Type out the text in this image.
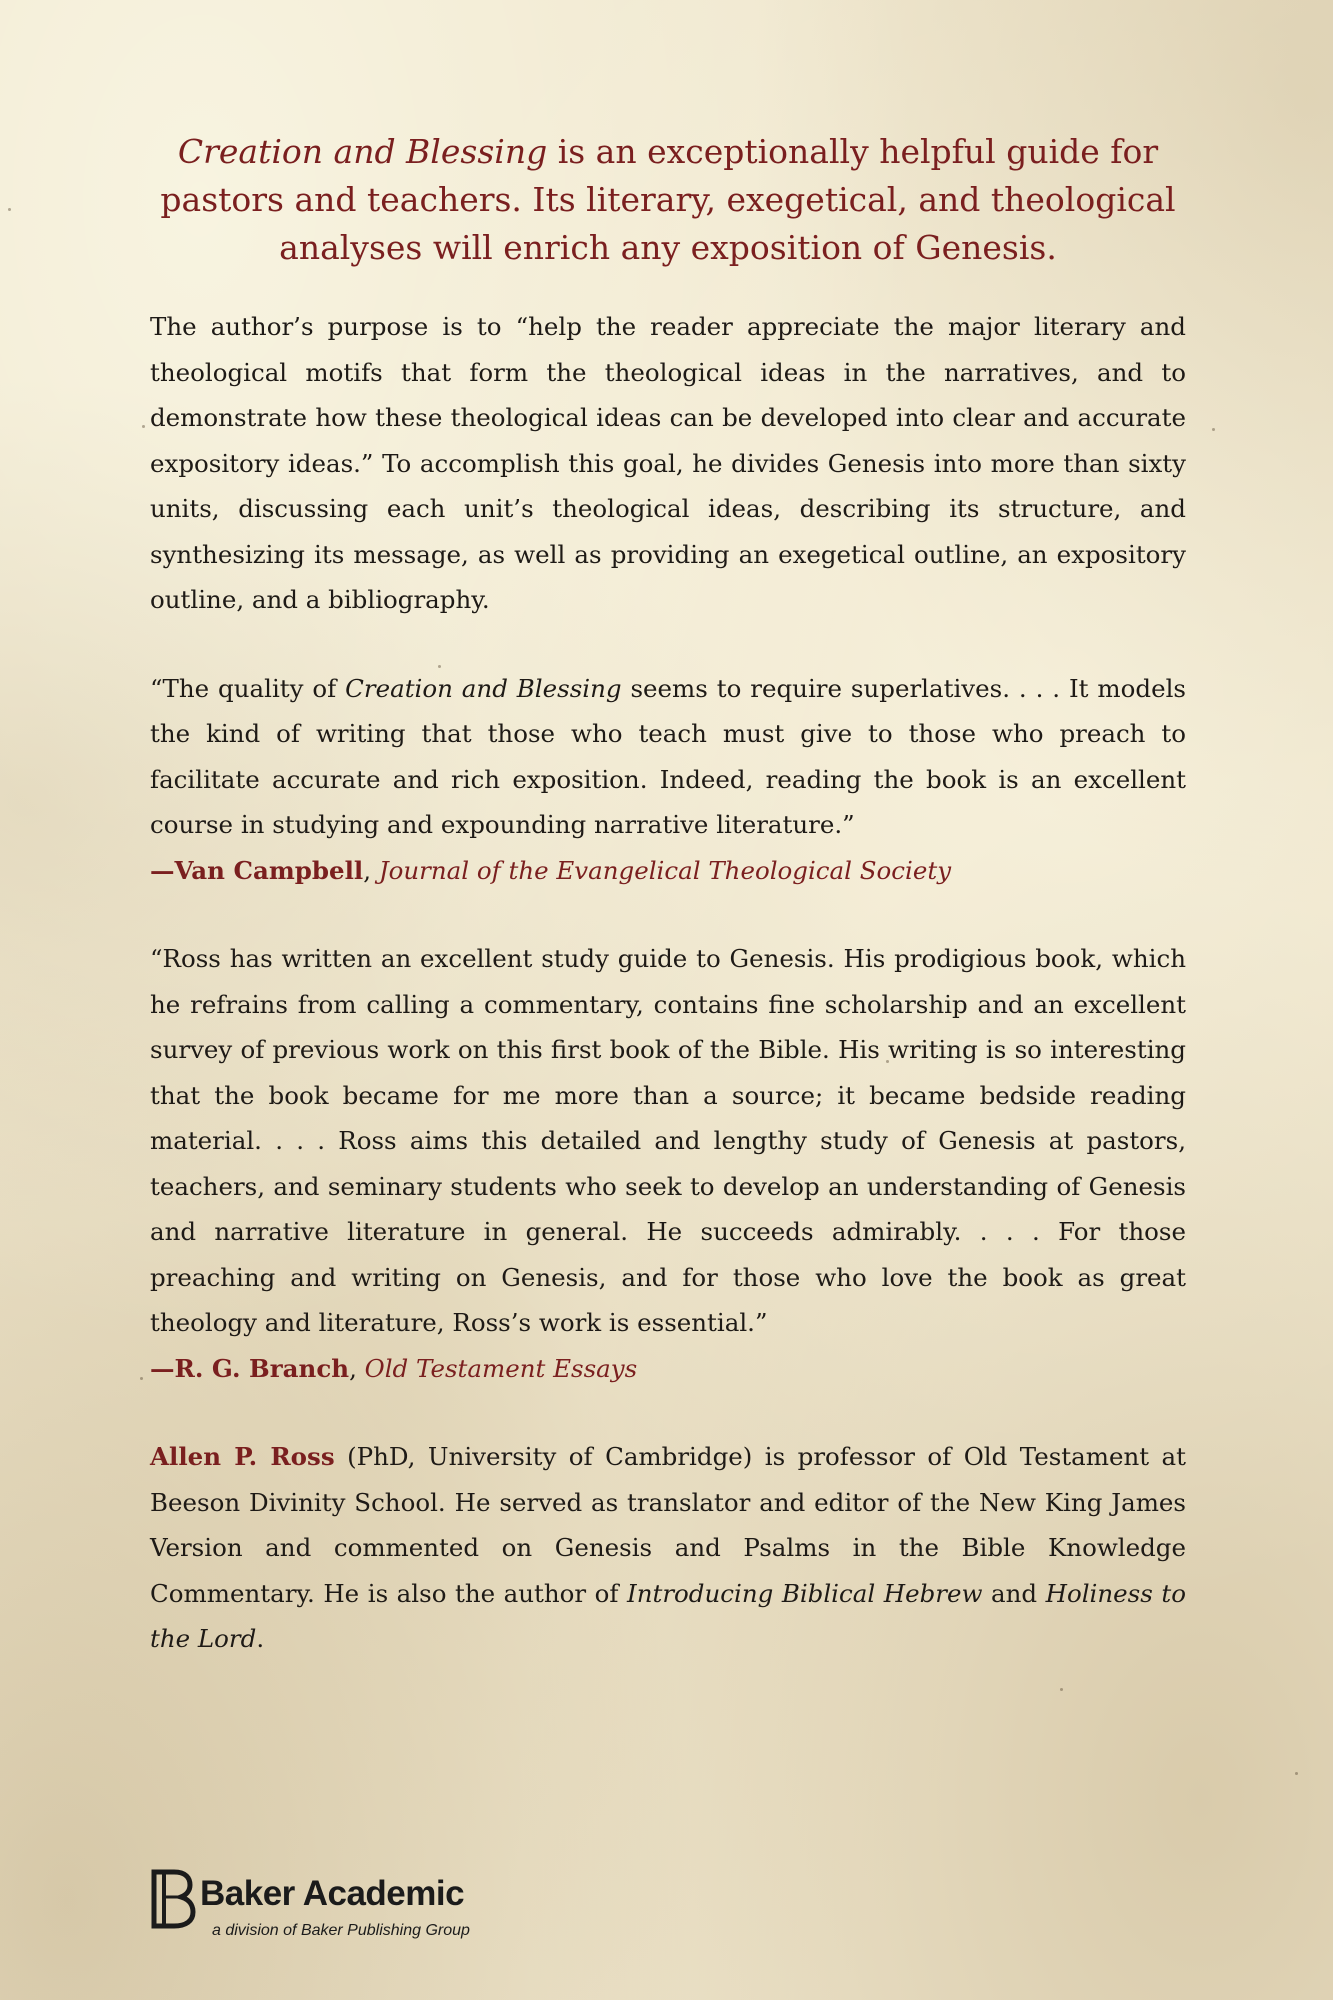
Creation and Blessing is an exceptionally helpful guide for pastors and teachers. Its literary, exegetical, and theological analyses will enrich any exposition of Genesis.

The author’s purpose is to “help the reader appreciate the major literary and theological motifs that form the theological ideas in the narratives, and to demonstrate how these theological ideas can be developed into clear and accurate expository ideas.” To accomplish this goal, he divides Genesis into more than sixty units, discussing each unit’s theological ideas, describing its structure, and synthesizing its message, as well as providing an exegetical outline, an expository outline, and a bibliography.

“The quality of Creation and Blessing seems to require superlatives. . . . It models the kind of writing that those who teach must give to those who preach to facilitate accurate and rich exposition. Indeed, reading the book is an excellent course in studying and expounding narrative literature.”

—Van Campbell, Journal of the Evangelical Theological Society

“Ross has written an excellent study guide to Genesis. His prodigious book, which he refrains from calling a commentary, contains fine scholarship and an excellent survey of previous work on this first book of the Bible. His writing is so interesting that the book became for me more than a source; it became bedside reading material. . . . Ross aims this detailed and lengthy study of Genesis at pastors, teachers, and seminary students who seek to develop an understanding of Genesis and narrative literature in general. He succeeds admirably. . . . For those preaching and writing on Genesis, and for those who love the book as great theology and literature, Ross’s work is essential.”

—R. G. Branch, Old Testament Essays

Allen P. Ross (PhD, University of Cambridge) is professor of Old Testament at Beeson Divinity School. He served as translator and editor of the New King James Version and commented on Genesis and Psalms in the Bible Knowledge Commentary. He is also the author of Introducing Biblical Hebrew and Holiness to the Lord.

Baker Academic
a division of Baker Publishing Group
